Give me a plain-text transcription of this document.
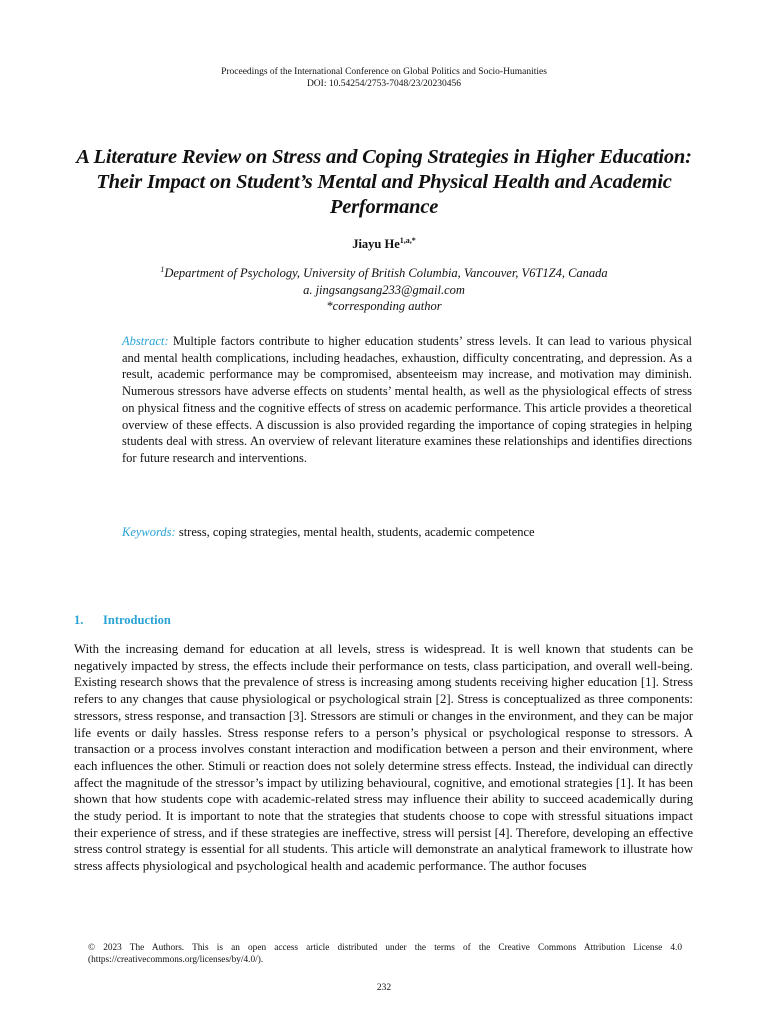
Proceedings of the International Conference on Global Politics and Socio-Humanities
DOI: 10.54254/2753-7048/23/20230456
A Literature Review on Stress and Coping Strategies in Higher Education: Their Impact on Student’s Mental and Physical Health and Academic Performance
Jiayu $He^{1,a,*}$
$^1$Department of Psychology, University of British Columbia, Vancouver, V6T1Z4, Canada
a. jingsangsang233@gmail.com
*corresponding author
Abstract: Multiple factors contribute to higher education students’ stress levels. It can lead to various physical and mental health complications, including headaches, exhaustion, difficulty concentrating, and depression. As a result, academic performance may be compromised, absenteeism may increase, and motivation may diminish. Numerous stressors have adverse effects on students’ mental health, as well as the physiological effects of stress on physical fitness and the cognitive effects of stress on academic performance. This article provides a theoretical overview of these effects. A discussion is also provided regarding the importance of coping strategies in helping students deal with stress. An overview of relevant literature examines these relationships and identifies directions for future research and interventions.
Keywords: stress, coping strategies, mental health, students, academic competence
1. Introduction
With the increasing demand for education at all levels, stress is widespread. It is well known that students can be negatively impacted by stress, the effects include their performance on tests, class participation, and overall well-being. Existing research shows that the prevalence of stress is increasing among students receiving higher education [1]. Stress refers to any changes that cause physiological or psychological strain [2]. Stress is conceptualized as three components: stressors, stress response, and transaction [3]. Stressors are stimuli or changes in the environment, and they can be major life events or daily hassles. Stress response refers to a person’s physical or psychological response to stressors. A transaction or a process involves constant interaction and modification between a person and their environment, where each influences the other. Stimuli or reaction does not solely determine stress effects. Instead, the individual can directly affect the magnitude of the stressor’s impact by utilizing behavioural, cognitive, and emotional strategies [1]. It has been shown that how students cope with academic-related stress may influence their ability to succeed academically during the study period. It is important to note that the strategies that students choose to cope with stressful situations impact their experience of stress, and if these strategies are ineffective, stress will persist [4]. Therefore, developing an effective stress control strategy is essential for all students. This article will demonstrate an analytical framework to illustrate how stress affects physiological and psychological health and academic performance. The author focuses
© 2023 The Authors. This is an open access article distributed under the terms of the Creative Commons Attribution License 4.0 (https://creativecommons.org/licenses/by/4.0/).
232
